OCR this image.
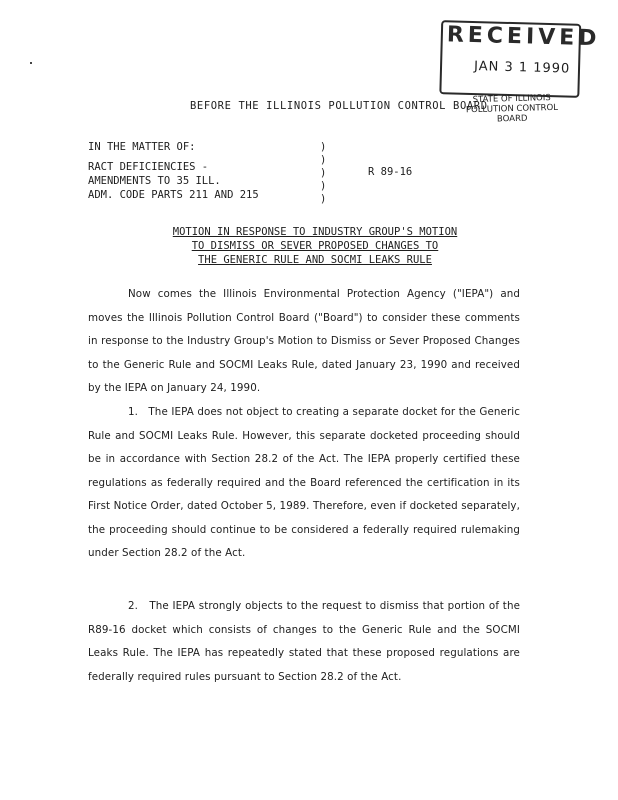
RECEIVED
JAN 3 1 1990
STATE OF ILLINOIS
POLLUTION CONTROL BOARD
BEFORE THE ILLINOIS POLLUTION CONTROL BOARD
IN THE MATTER OF:
RACT DEFICIENCIES -
AMENDMENTS TO 35 ILL.
ADM. CODE PARTS 211 AND 215
)
)
)
)
)
R 89-16
MOTION IN RESPONSE TO INDUSTRY GROUP'S MOTION
TO DISMISS OR SEVER PROPOSED CHANGES TO
THE GENERIC RULE AND SOCMI LEAKS RULE
Now comes the Illinois Environmental Protection Agency ("IEPA") and moves the Illinois Pollution Control Board ("Board") to consider these comments in response to the Industry Group's Motion to Dismiss or Sever Proposed Changes to the Generic Rule and SOCMI Leaks Rule, dated January 23, 1990 and received by the IEPA on January 24, 1990.
1. The IEPA does not object to creating a separate docket for the Generic Rule and SOCMI Leaks Rule. However, this separate docketed proceeding should be in accordance with Section 28.2 of the Act. The IEPA properly certified these regulations as federally required and the Board referenced the certification in its First Notice Order, dated October 5, 1989. Therefore, even if docketed separately, the proceeding should continue to be considered a federally required rulemaking under Section 28.2 of the Act.
2. The IEPA strongly objects to the request to dismiss that portion of the R89-16 docket which consists of changes to the Generic Rule and the SOCMI Leaks Rule. The IEPA has repeatedly stated that these proposed regulations are federally required rules pursuant to Section 28.2 of the Act.
